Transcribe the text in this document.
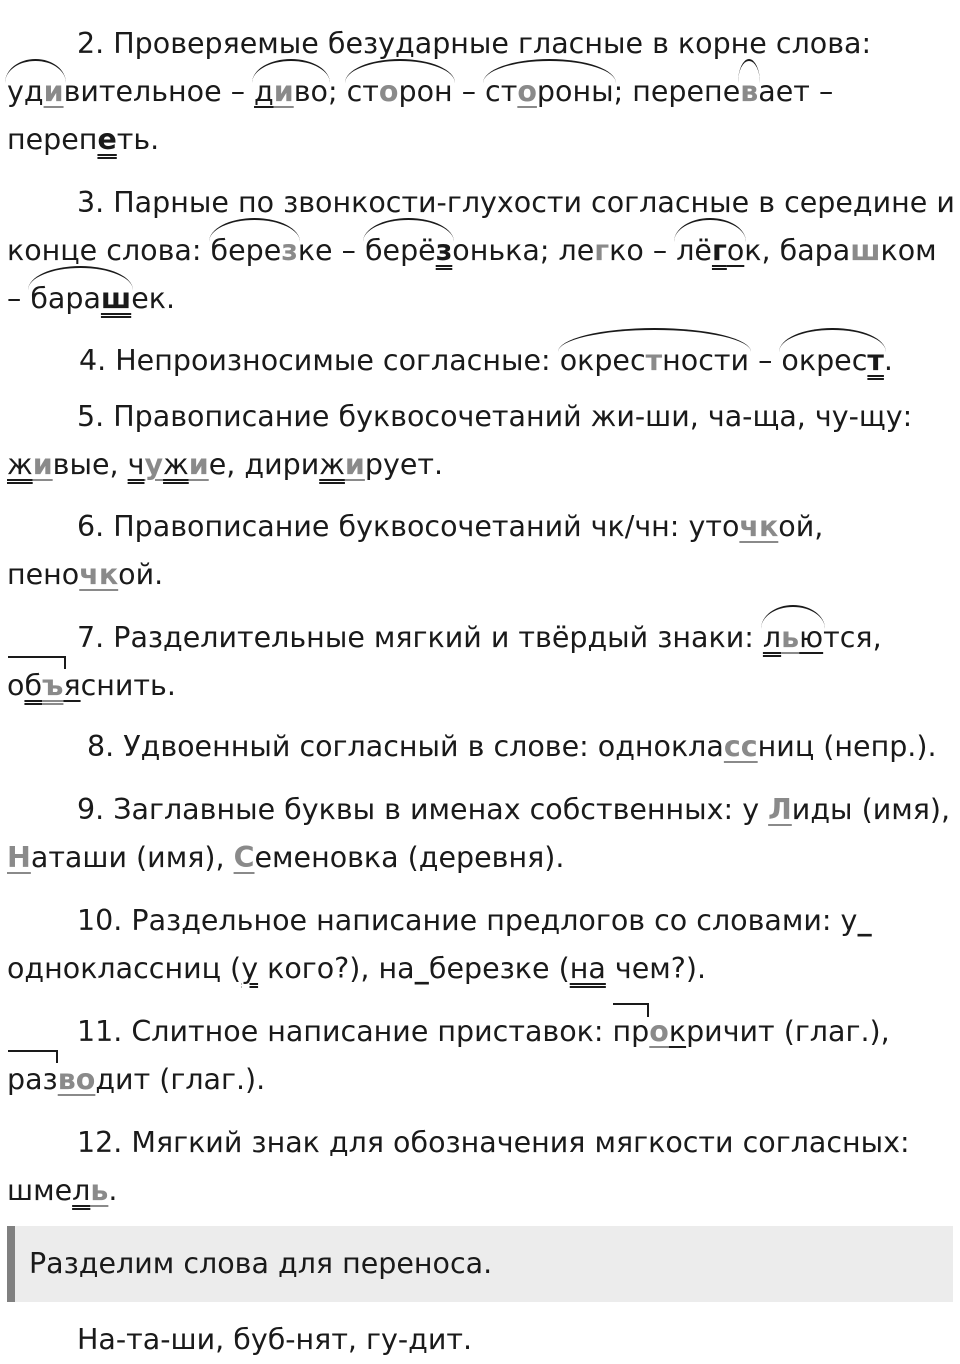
2. Проверяемые безударные гласные в корне слова:

удивительное – диво; сторон – стороны; перепевает –

перепеть.

3. Парные по звонкости-глухости согласные в середине и

конце слова: березке – берёзонька; легко – лёгок, барашком

– барашек.

4. Непроизносимые согласные: окрестности – окрест.

5. Правописание буквосочетаний жи-ши, ча-ща, чу-щу:

живые, чужие, дирижирует.

6. Правописание буквосочетаний чк/чн: уточкой,

пеночкой.

7. Разделительные мягкий и твёрдый знаки: льются,

объяснить.

8. Удвоенный согласный в слове: одноклассниц (непр.).

9. Заглавные буквы в именах собственных: у Лиды (имя),

Наташи (имя), Семеновка (деревня).

10. Раздельное написание предлогов со словами: у_

одноклассниц (у кого?), на_березке (на чем?).

11. Слитное написание приставок: прокричит (глаг.),

разводит (глаг.).

12. Мягкий знак для обозначения мягкости согласных:

шмель.

Разделим слова для переноса.

На-та-ши, буб-нят, гу-дит.
